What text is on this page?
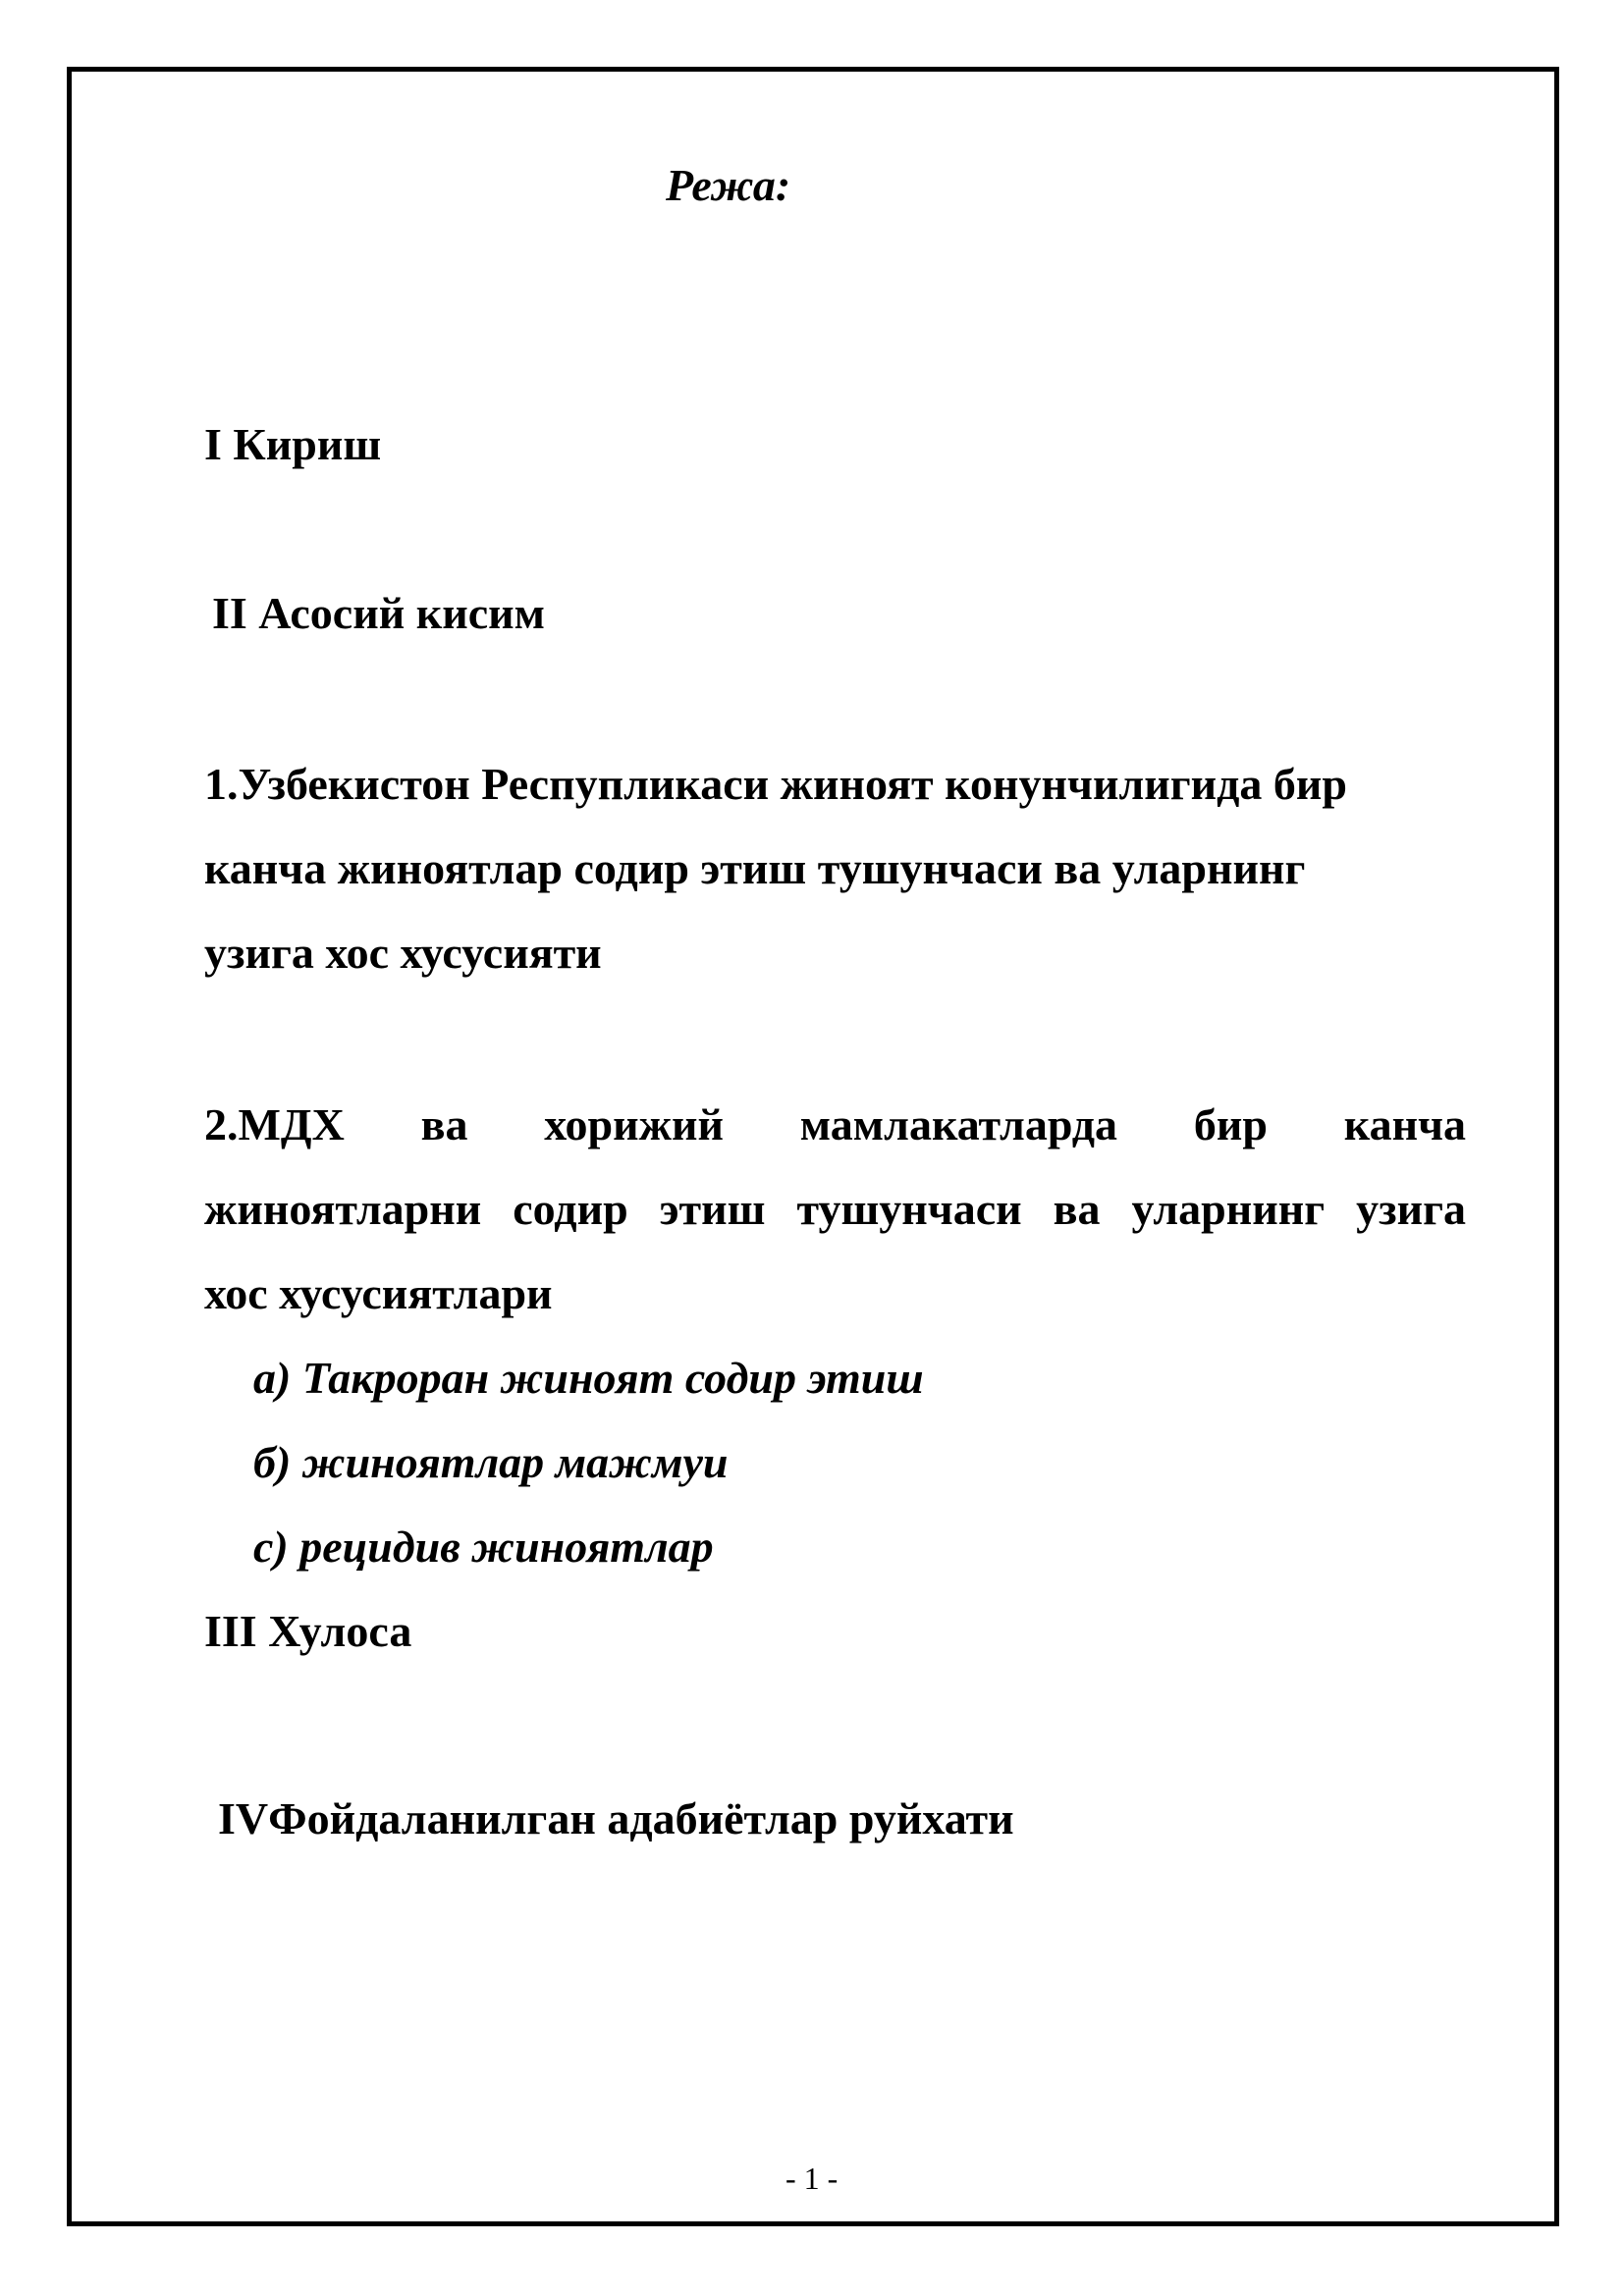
Режа:

I Кириш

II Асосий кисим

1.Узбекистон Респупликаси жиноят конунчилигида бир

канча жиноятлар содир этиш тушунчаси ва уларнинг

узига хос хусусияти

2.МДХ ва хорижий мамлакатларда бир канча

жиноятларни содир этиш тушунчаси ва уларнинг узига

хос хусусиятлари

а) Такроран жиноят содир этиш

б) жиноятлар мажмуи

с) рецидив жиноятлар

III Хулоса

IVФойдаланилган адабиётлар руйхати

- 1 -
